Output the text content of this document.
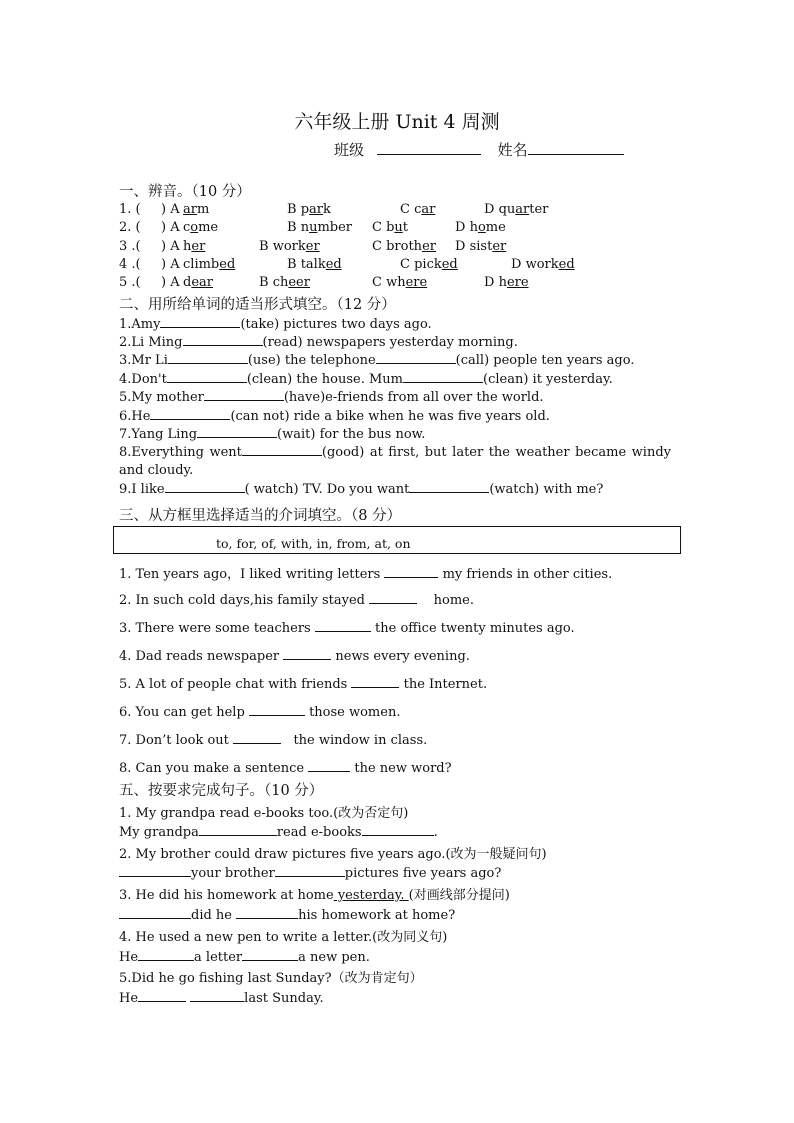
六年级上册 Unit 4 周测
班级	姓名
一、辨音。（10 分）
1. ( ) A arm	B park	C car	D quarter
2. ( ) A come	B number C but	D home
3 .( ) A her	B worker	C brother D sister
4 .( ) A climbed	B talked	C picked	D worked
5 .( ) A dear	B cheer	C where	D here
二、用所给单词的适当形式填空。（12 分）
1.Amy	(take) pictures two days ago.
2.Li Ming	(read) newspapers yesterday morning.
3.Mr Li	(use) the telephone	(call) people ten years ago.
4.Don't	(clean) the house. Mum	(clean) it yesterday.
5.My mother	(have)e-friends from all over the world.
6.He	(can not) ride a bike when he was five years old.
7.Yang Ling	(wait) for the bus now.
8.Everything went	(good) at first, but later the weather became windy and cloudy.
9.I like	( watch) TV. Do you want	(watch) with me?
三、从方框里选择适当的介词填空。（8 分）
to, for, of, with, in, from, at, on
1. Ten years ago，I liked writing letters	my friends in other cities.
2. In such cold days,his family stayed	home.
3. There were some teachers	the office twenty minutes ago.
4. Dad reads newspaper	news every evening.
5. A lot of people chat with friends	the Internet.
6. You can get help	those women.
7. Don’t look out	the window in class.
8. Can you make a sentence	the new word?
五、按要求完成句子。（10 分）
1. My grandpa read e-books too.(改为否定句)
My grandpa	read e-books	.
2. My brother could draw pictures five years ago.(改为一般疑问句)
your brother	pictures five years ago?
3. He did his homework at home yesterday. (对画线部分提问)
did he	his homework at home?
4. He used a new pen to write a letter.(改为同义句)
He	a letter	a new pen.
5.Did he go fishing last Sunday?（改为肯定句）
He	last Sunday.
